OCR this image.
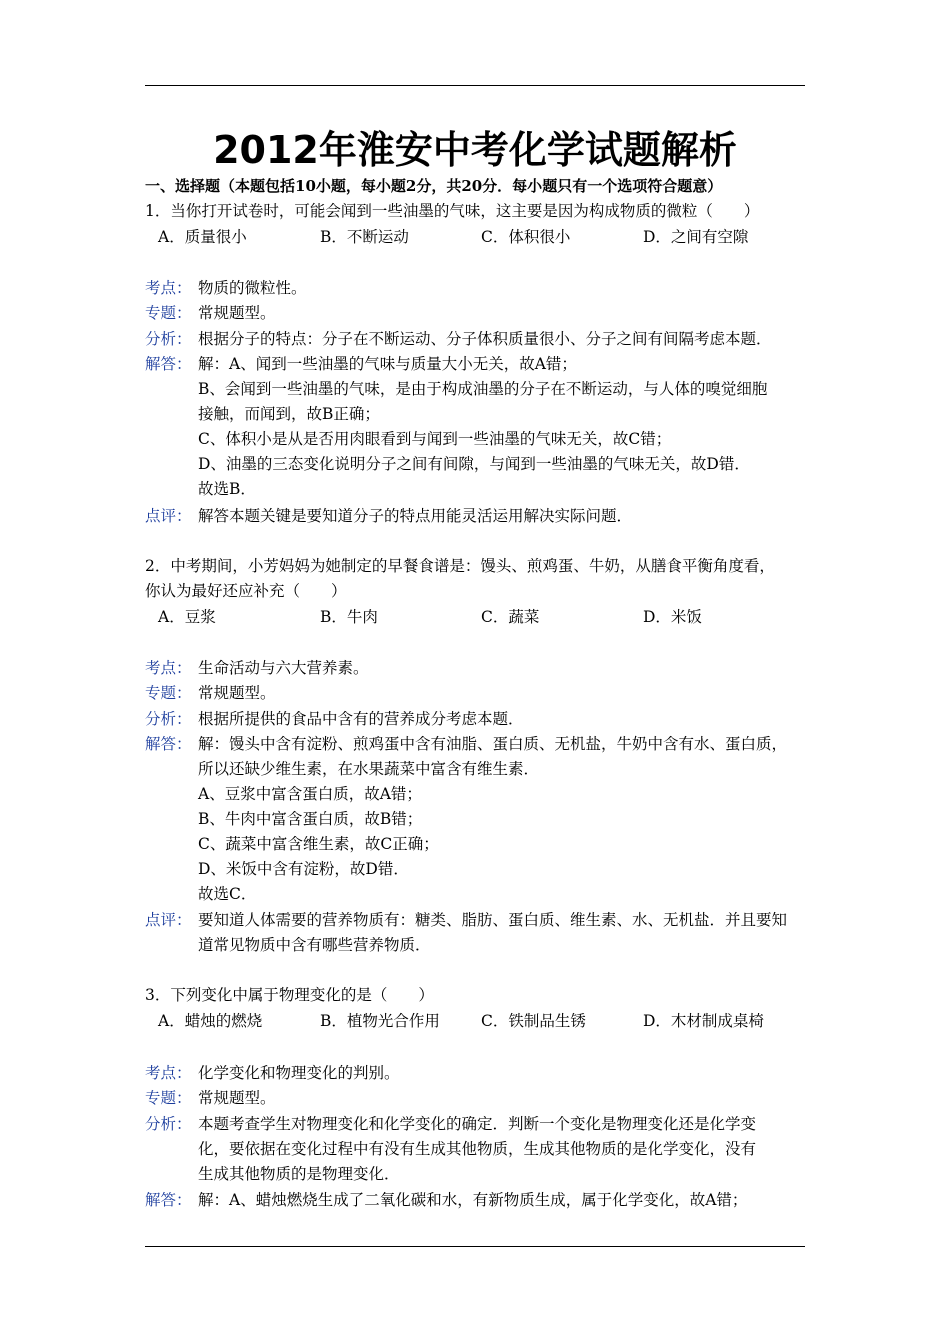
2012年淮安中考化学试题解析
一、选择题（本题包括10小题，每小题2分，共20分．每小题只有一个选项符合题意）
1．当你打开试卷时，可能会闻到一些油墨的气味，这主要是因为构成物质的微粒（　　）
A．质量很小	B．不断运动	C．体积很小	D．之间有空隙
考点： 物质的微粒性。
专题： 常规题型。
分析： 根据分子的特点：分子在不断运动、分子体积质量很小、分子之间有间隔考虑本题．
解答： 解：A、闻到一些油墨的气味与质量大小无关，故A错；
B、会闻到一些油墨的气味，是由于构成油墨的分子在不断运动，与人体的嗅觉细胞
接触，而闻到，故B正确；
C、体积小是从是否用肉眼看到与闻到一些油墨的气味无关，故C错；
D、油墨的三态变化说明分子之间有间隙，与闻到一些油墨的气味无关，故D错．
故选B．
点评： 解答本题关键是要知道分子的特点用能灵活运用解决实际问题．
2．中考期间，小芳妈妈为她制定的早餐食谱是：馒头、煎鸡蛋、牛奶，从膳食平衡角度看，
你认为最好还应补充（　　）
A．豆浆	B．牛肉	C．蔬菜	D．米饭
考点： 生命活动与六大营养素。
专题： 常规题型。
分析： 根据所提供的食品中含有的营养成分考虑本题．
解答： 解：馒头中含有淀粉、煎鸡蛋中含有油脂、蛋白质、无机盐，牛奶中含有水、蛋白质，
所以还缺少维生素，在水果蔬菜中富含有维生素．
A、豆浆中富含蛋白质，故A错；
B、牛肉中富含蛋白质，故B错；
C、蔬菜中富含维生素，故C正确；
D、米饭中含有淀粉，故D错．
故选C．
点评： 要知道人体需要的营养物质有：糖类、脂肪、蛋白质、维生素、水、无机盐．并且要知
道常见物质中含有哪些营养物质．
3．下列变化中属于物理变化的是（　　）
A．蜡烛的燃烧	B．植物光合作用	C．铁制品生锈	D．木材制成桌椅
考点： 化学变化和物理变化的判别。
专题： 常规题型。
分析： 本题考查学生对物理变化和化学变化的确定．判断一个变化是物理变化还是化学变
化，要依据在变化过程中有没有生成其他物质，生成其他物质的是化学变化，没有
生成其他物质的是物理变化．
解答： 解：A、蜡烛燃烧生成了二氧化碳和水，有新物质生成，属于化学变化，故A错；
